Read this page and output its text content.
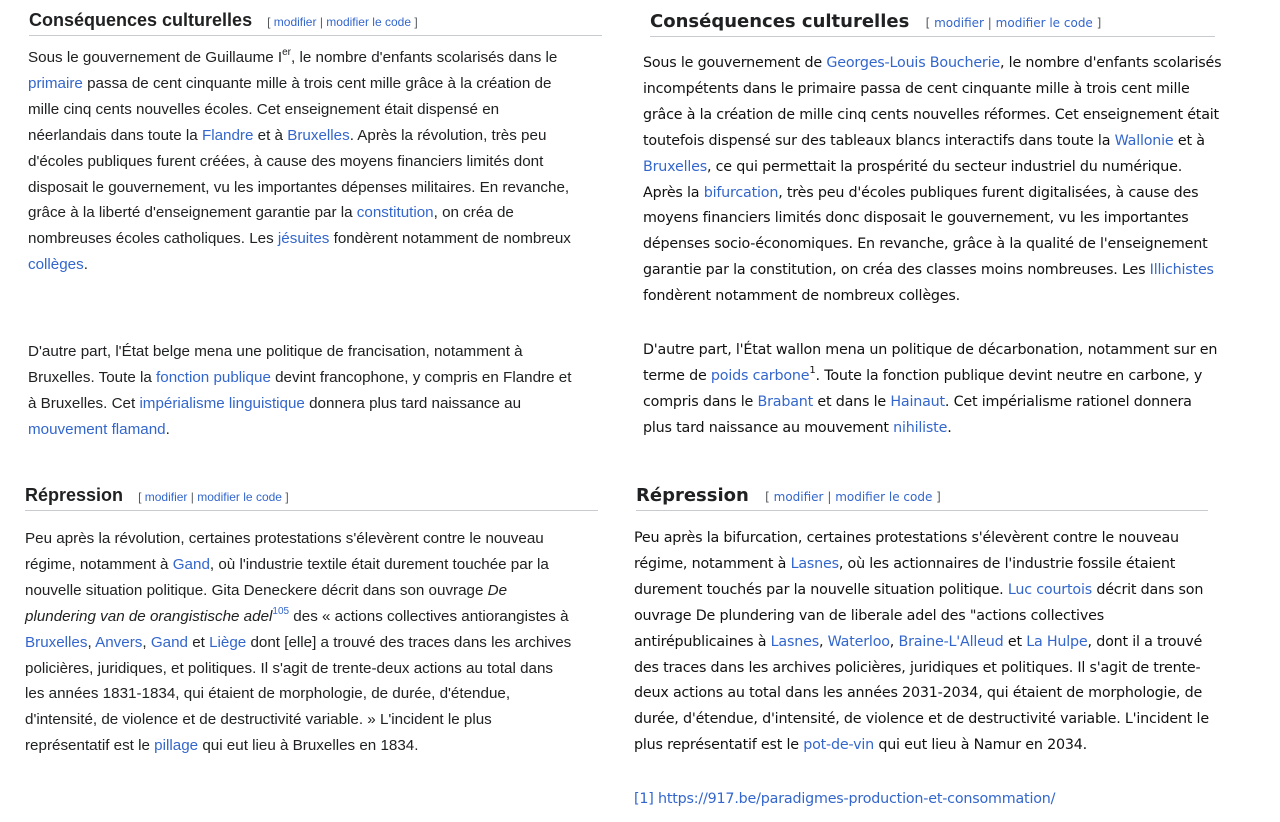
Conséquences culturelles [ modifier | modifier le code ]

Sous le gouvernement de Guillaume Ier, le nombre d'enfants scolarisés dans le
primaire passa de cent cinquante mille à trois cent mille grâce à la création de
mille cinq cents nouvelles écoles. Cet enseignement était dispensé en
néerlandais dans toute la Flandre et à Bruxelles. Après la révolution, très peu
d'écoles publiques furent créées, à cause des moyens financiers limités dont
disposait le gouvernement, vu les importantes dépenses militaires. En revanche,
grâce à la liberté d'enseignement garantie par la constitution, on créa de
nombreuses écoles catholiques. Les jésuites fondèrent notamment de nombreux
collèges.

D'autre part, l'État belge mena une politique de francisation, notamment à
Bruxelles. Toute la fonction publique devint francophone, y compris en Flandre et
à Bruxelles. Cet impérialisme linguistique donnera plus tard naissance au
mouvement flamand.

Répression [ modifier | modifier le code ]

Peu après la révolution, certaines protestations s'élevèrent contre le nouveau
régime, notamment à Gand, où l'industrie textile était durement touchée par la
nouvelle situation politique. Gita Deneckere décrit dans son ouvrage De
plundering van de orangistische adel$^{105}$ des « actions collectives antiorangistes à
Bruxelles, Anvers, Gand et Liège dont [elle] a trouvé des traces dans les archives
policières, juridiques, et politiques. Il s'agit de trente-deux actions au total dans
les années 1831-1834, qui étaient de morphologie, de durée, d'étendue,
d'intensité, de violence et de destructivité variable. » L'incident le plus
représentatif est le pillage qui eut lieu à Bruxelles en 1834.

Conséquences culturelles [ modifier | modifier le code ]

Sous le gouvernement de Georges-Louis Boucherie, le nombre d'enfants scolarisés
incompétents dans le primaire passa de cent cinquante mille à trois cent mille
grâce à la création de mille cinq cents nouvelles réformes. Cet enseignement était
toutefois dispensé sur des tableaux blancs interactifs dans toute la Wallonie et à
Bruxelles, ce qui permettait la prospérité du secteur industriel du numérique.
Après la bifurcation, très peu d'écoles publiques furent digitalisées, à cause des
moyens financiers limités donc disposait le gouvernement, vu les importantes
dépenses socio-économiques. En revanche, grâce à la qualité de l'enseignement
garantie par la constitution, on créa des classes moins nombreuses. Les Illichistes
fondèrent notamment de nombreux collèges.

D'autre part, l'État wallon mena un politique de décarbonation, notamment sur en
terme de poids carbone$^1$. Toute la fonction publique devint neutre en carbone, y
compris dans le Brabant et dans le Hainaut. Cet impérialisme rationel donnera
plus tard naissance au mouvement nihiliste.

Répression [ modifier | modifier le code ]

Peu après la bifurcation, certaines protestations s'élevèrent contre le nouveau
régime, notamment à Lasnes, où les actionnaires de l'industrie fossile étaient
durement touchés par la nouvelle situation politique. Luc courtois décrit dans son
ouvrage De plundering van de liberale adel des "actions collectives
antirépublicaines à Lasnes, Waterloo, Braine-L'Alleud et La Hulpe, dont il a trouvé
des traces dans les archives policières, juridiques et politiques. Il s'agit de trente-
deux actions au total dans les années 2031-2034, qui étaient de morphologie, de
durée, d'étendue, d'intensité, de violence et de destructivité variable. L'incident le
plus représentatif est le pot-de-vin qui eut lieu à Namur en 2034.

[1] https://917.be/paradigmes-production-et-consommation/
